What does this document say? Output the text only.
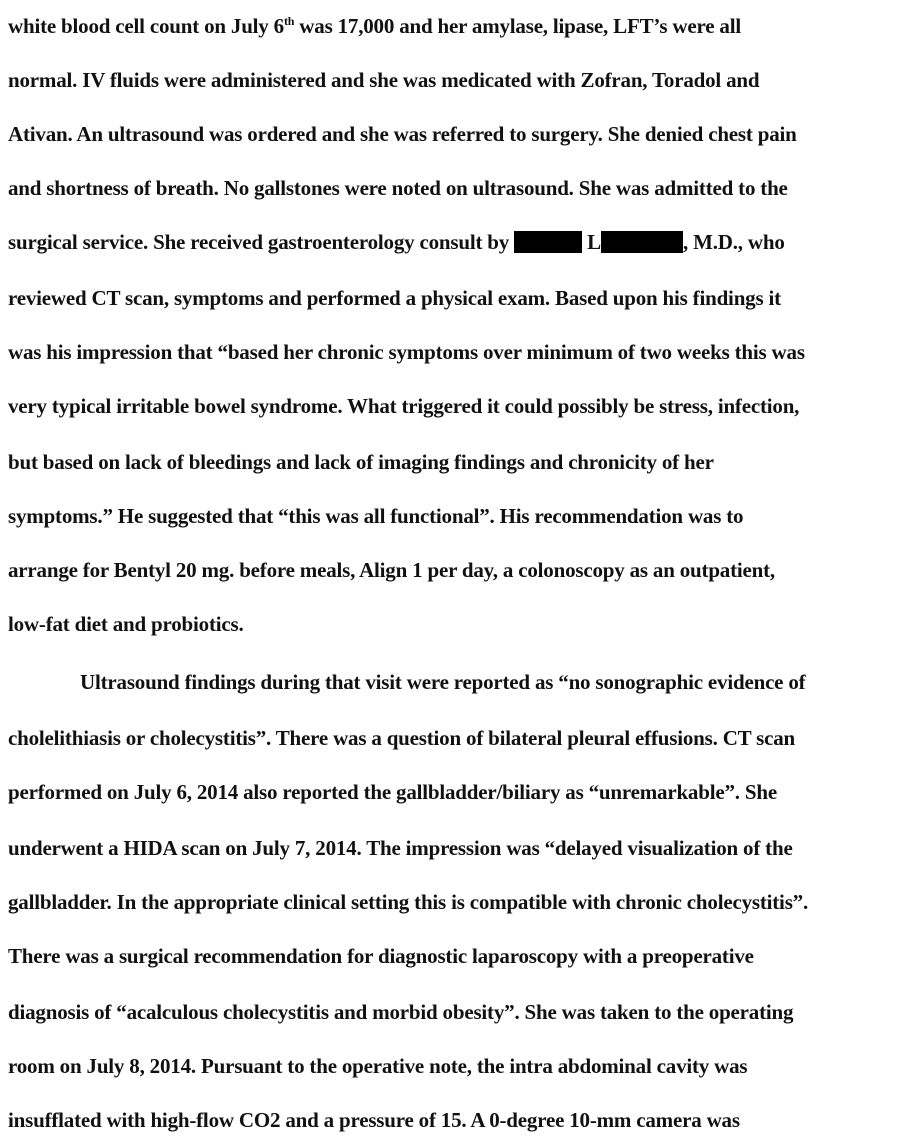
white blood cell count on July 6th was 17,000 and her amylase, lipase, LFT’s were all
normal. IV fluids were administered and she was medicated with Zofran, Toradol and
Ativan. An ultrasound was ordered and she was referred to surgery. She denied chest pain
and shortness of breath. No gallstones were noted on ultrasound. She was admitted to the
surgical service. She received gastroenterology consult by	L	, M.D., who
reviewed CT scan, symptoms and performed a physical exam. Based upon his findings it
was his impression that “based her chronic symptoms over minimum of two weeks this was
very typical irritable bowel syndrome. What triggered it could possibly be stress, infection,
but based on lack of bleedings and lack of imaging findings and chronicity of her
symptoms.” He suggested that “this was all functional”. His recommendation was to
arrange for Bentyl 20 mg. before meals, Align 1 per day, a colonoscopy as an outpatient,
low-fat diet and probiotics.
Ultrasound findings during that visit were reported as “no sonographic evidence of
cholelithiasis or cholecystitis”. There was a question of bilateral pleural effusions. CT scan
performed on July 6, 2014 also reported the gallbladder/biliary as “unremarkable”. She
underwent a HIDA scan on July 7, 2014. The impression was “delayed visualization of the
gallbladder. In the appropriate clinical setting this is compatible with chronic cholecystitis”.
There was a surgical recommendation for diagnostic laparoscopy with a preoperative
diagnosis of “acalculous cholecystitis and morbid obesity”. She was taken to the operating
room on July 8, 2014. Pursuant to the operative note, the intra abdominal cavity was
insufflated with high-flow CO2 and a pressure of 15. A 0-degree 10-mm camera was
